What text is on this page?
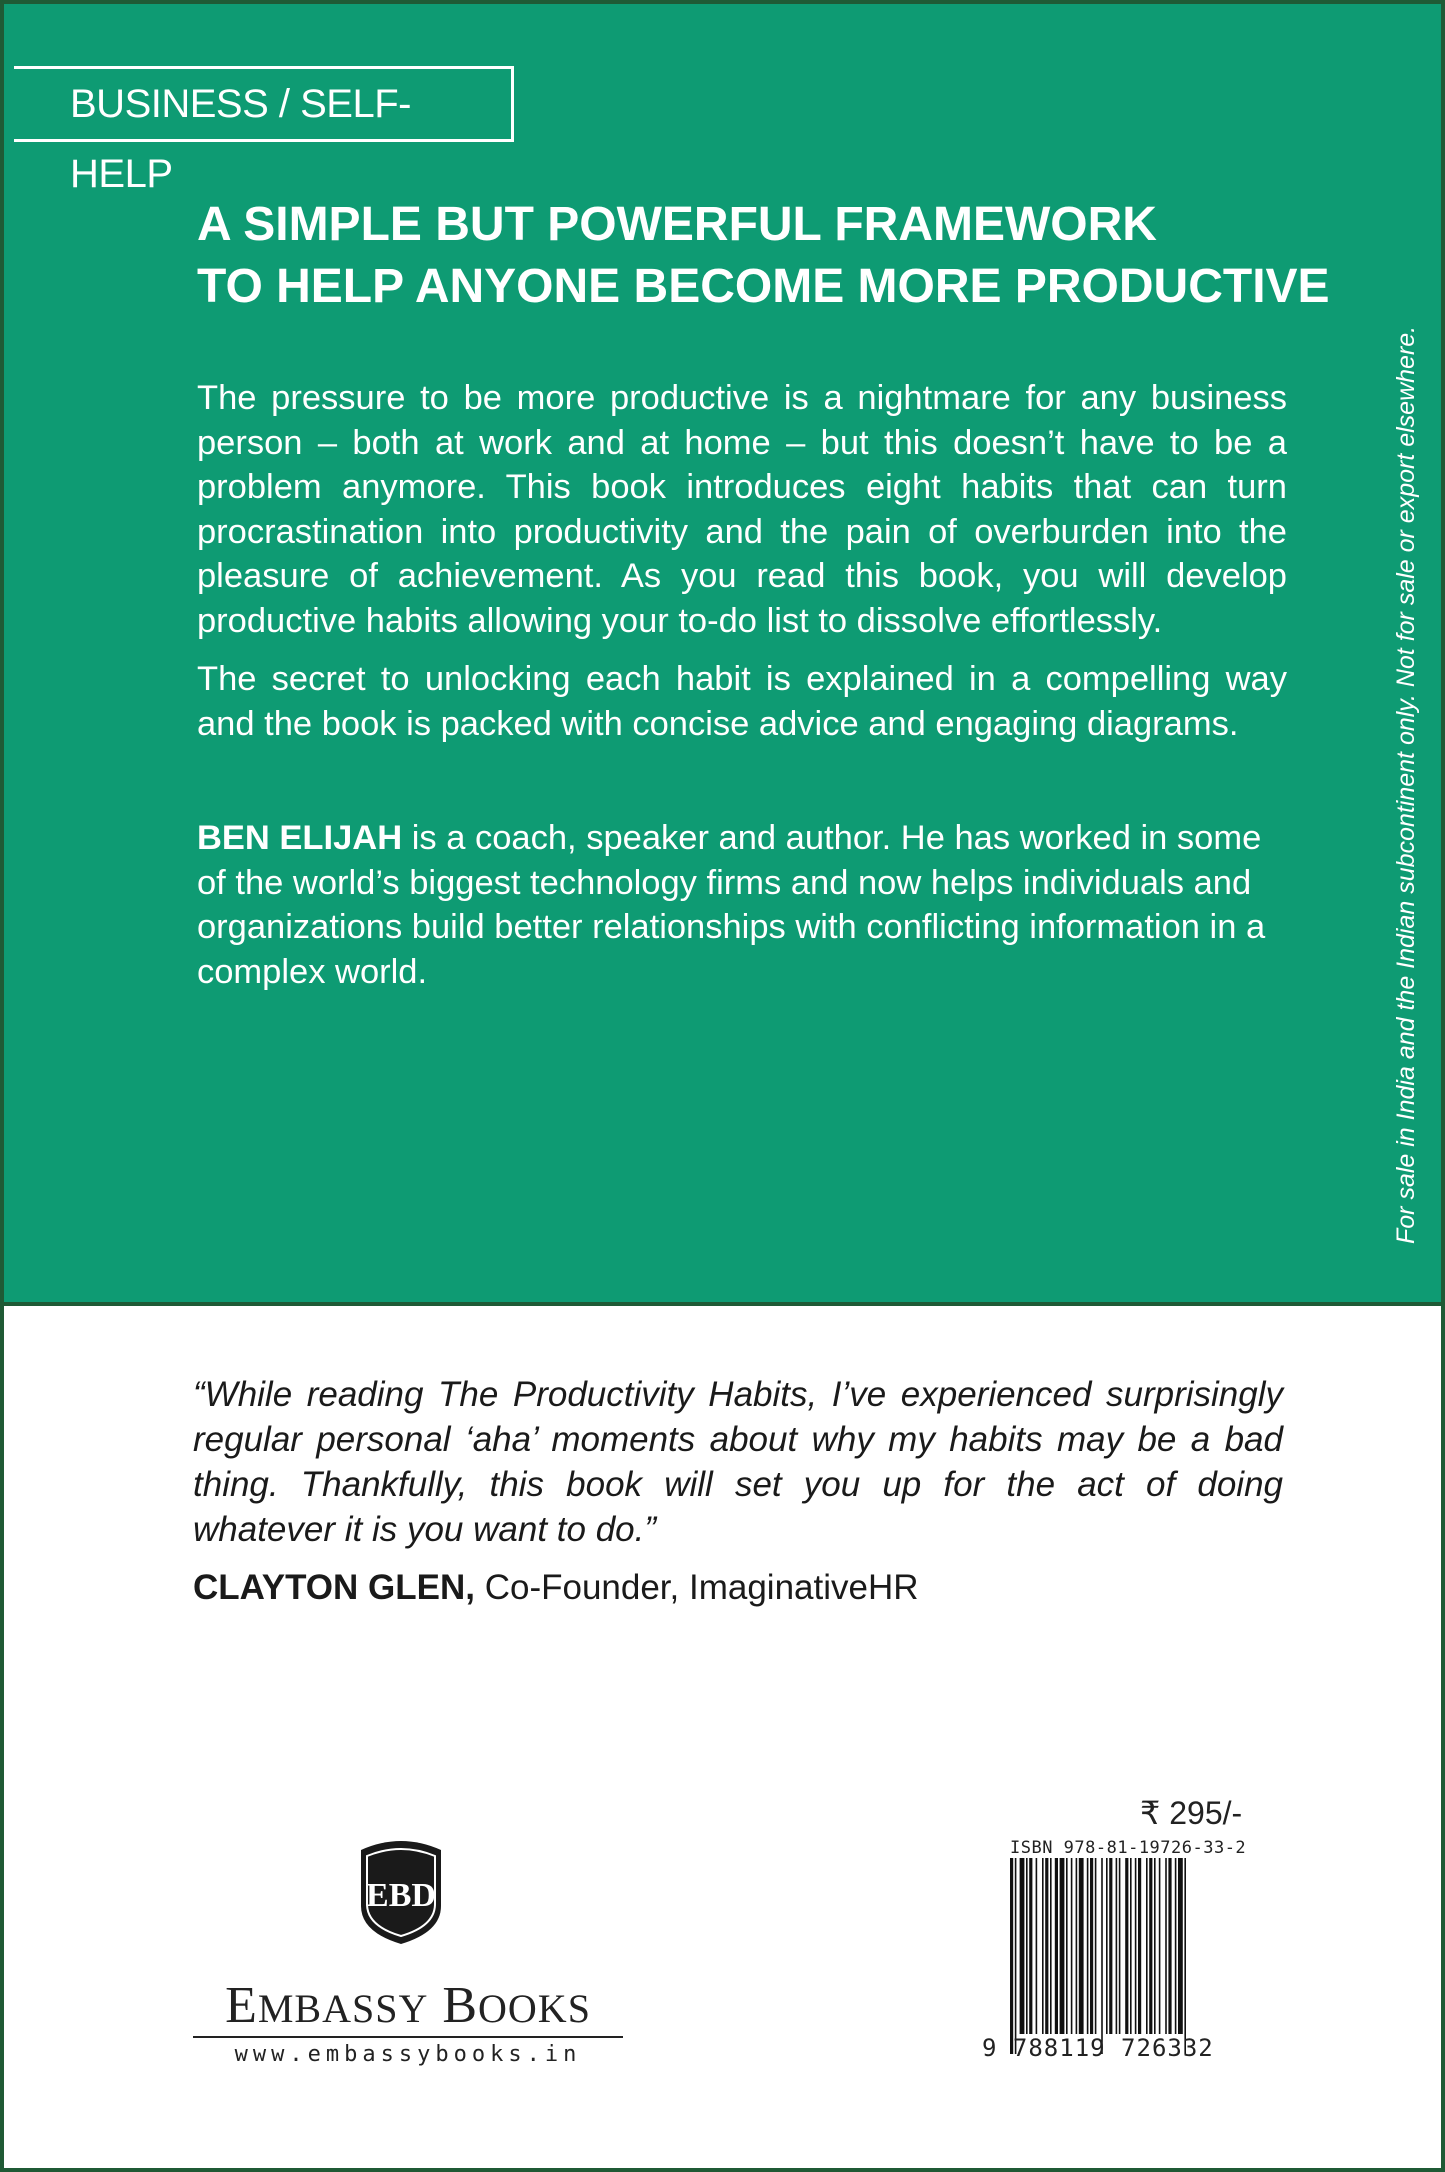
BUSINESS / SELF-HELP
A SIMPLE BUT POWERFUL FRAMEWORK
TO HELP ANYONE BECOME MORE PRODUCTIVE

The pressure to be more productive is a nightmare for any business person – both at work and at home – but this doesn’t have to be a problem anymore. This book introduces eight habits that can turn procrastination into productivity and the pain of overburden into the pleasure of achievement. As you read this book, you will develop productive habits allowing your to-do list to dissolve effortlessly.

The secret to unlocking each habit is explained in a compelling way and the book is packed with concise advice and engaging diagrams.

BEN ELIJAH is a coach, speaker and author. He has worked in some of the world’s biggest technology firms and now helps individuals and organizations build better relationships with conflicting information in a complex world.	For sale in India and the Indian subcontinent only. Not for sale or export elsewhere.
“While reading The Productivity Habits, I’ve experienced surprisingly regular personal ‘aha’ moments about why my habits may be a bad thing. Thankfully, this book will set you up for the act of doing whatever it is you want to do.”
CLAYTON GLEN, Co-Founder, ImaginativeHR
EBD
EMBASSY BOOKS
www.embassybooks.in
₹ 295/-
ISBN 978-81-19726-33-2
9 788119 726332
